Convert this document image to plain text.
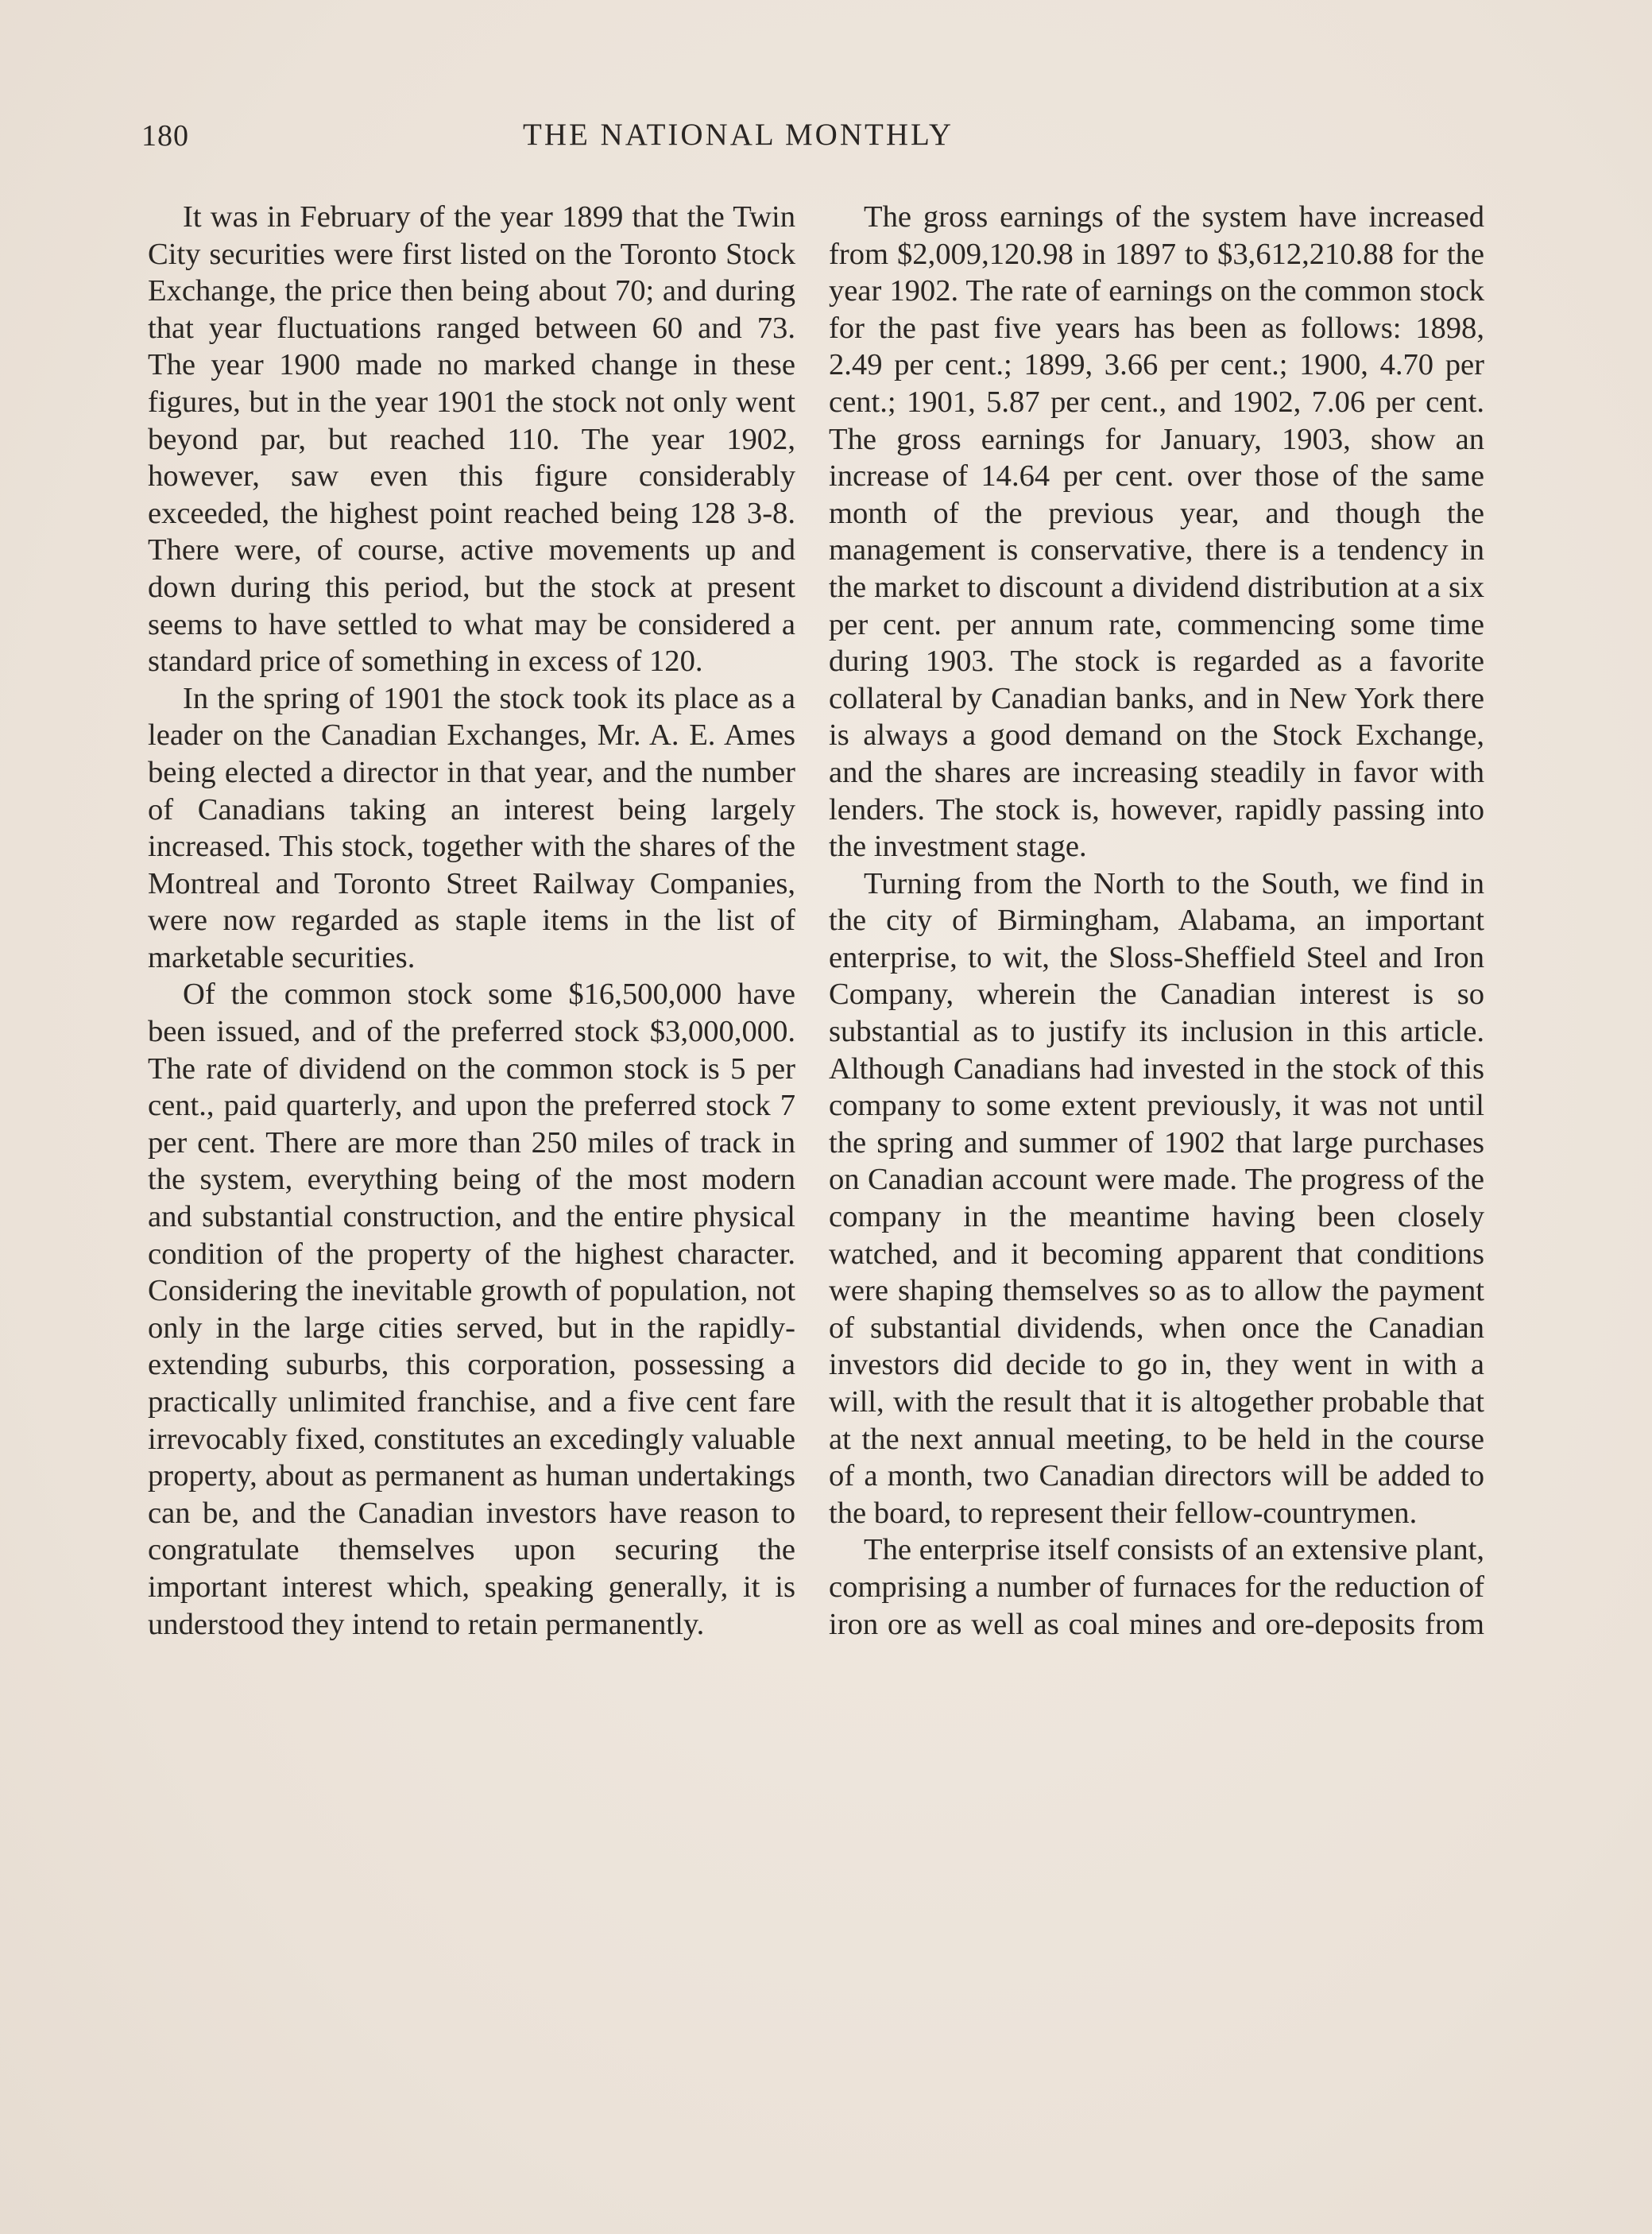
180	THE NATIONAL MONTHLY

It was in February of the year 1899 that the Twin City securities were first listed on the Toronto Stock Exchange, the price then being about 70; and during that year fluctuations ranged between 60 and 73. The year 1900 made no marked change in these figures, but in the year 1901 the stock not only went beyond par, but reached 110. The year 1902, however, saw even this figure considerably exceeded, the highest point reached being 128 3-8. There were, of course, active movements up and down during this period, but the stock at present seems to have settled to what may be considered a standard price of something in excess of 120.

In the spring of 1901 the stock took its place as a leader on the Canadian Exchanges, Mr. A. E. Ames being elected a director in that year, and the number of Canadians taking an interest being largely increased. This stock, together with the shares of the Montreal and Toronto Street Railway Companies, were now regarded as staple items in the list of marketable securities.

Of the common stock some $16,500,000 have been issued, and of the preferred stock $3,000,000. The rate of dividend on the common stock is 5 per cent., paid quarterly, and upon the preferred stock 7 per cent. There are more than 250 miles of track in the system, everything being of the most modern and substantial construction, and the entire physical condition of the property of the highest character. Considering the inevitable growth of population, not only in the large cities served, but in the rapidly-extending suburbs, this corporation, possessing a practically unlimited franchise, and a five cent fare irrevocably fixed, constitutes an excedingly valuable property, about as permanent as human undertakings can be, and the Canadian investors have reason to congratulate themselves upon securing the important interest which, speaking generally, it is understood they intend to retain permanently.

The gross earnings of the system have increased from $2,009,120.98 in 1897 to $3,612,210.88 for the year 1902. The rate of earnings on the common stock for the past five years has been as follows: 1898, 2.49 per cent.; 1899, 3.66 per cent.; 1900, 4.70 per cent.; 1901, 5.87 per cent., and 1902, 7.06 per cent. The gross earnings for January, 1903, show an increase of 14.64 per cent. over those of the same month of the previous year, and though the management is conservative, there is a tendency in the market to discount a dividend distribution at a six per cent. per annum rate, commencing some time during 1903. The stock is regarded as a favorite collateral by Canadian banks, and in New York there is always a good demand on the Stock Exchange, and the shares are increasing steadily in favor with lenders. The stock is, however, rapidly passing into the investment stage.

Turning from the North to the South, we find in the city of Birmingham, Alabama, an important enterprise, to wit, the Sloss-Sheffield Steel and Iron Company, wherein the Canadian interest is so substantial as to justify its inclusion in this article. Although Canadians had invested in the stock of this company to some extent previously, it was not until the spring and summer of 1902 that large purchases on Canadian account were made. The progress of the company in the meantime having been closely watched, and it becoming apparent that conditions were shaping themselves so as to allow the payment of substantial dividends, when once the Canadian investors did decide to go in, they went in with a will, with the result that it is altogether probable that at the next annual meeting, to be held in the course of a month, two Canadian directors will be added to the board, to represent their fellow-countrymen.

The enterprise itself consists of an extensive plant, comprising a number of furnaces for the reduction of iron ore as well as coal mines and ore-deposits from
